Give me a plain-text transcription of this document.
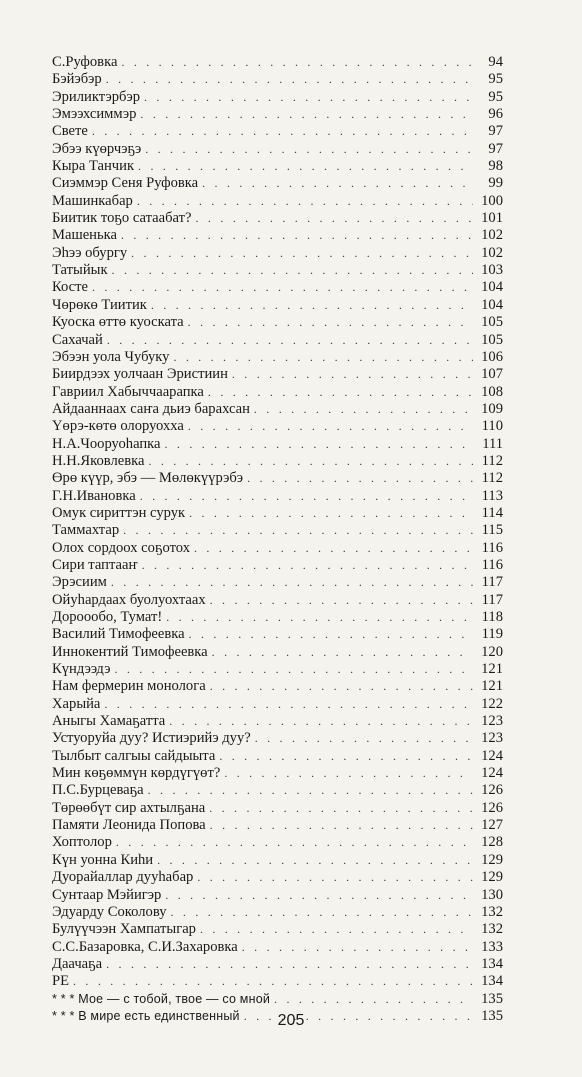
С.Руфовка . . .	94
Бэйэбэр . . .	95
Эриликтэрбэр . . .	95
Эмээхсиммэр . . .	96
Свете . . .	97
Эбээ күөрчэҕэ . . .	97
Кыра Танчик . . .	98
Сиэммэр Сеня Руфовка . . .	99
Машинкабар . . .	100
Биитик тоҕо сатаабат? . . .	101
Машенька . . .	102
Эһээ обургу . . .	102
Татыйык . . .	103
Косте . . .	104
Чөрөкө Тиитик . . .	104
Куоска өттө куоската . . .	105
Сахачай . . .	105
Эбээн уола Чубуку . . .	106
Биирдээх уолчаан Эристиин . . .	107
Гавриил Хабыччаарапка . . .	108
Айдааннаах саҥа дьиэ барахсан . . .	109
Үөрэ-көтө олоруохха . . .	110
Н.А.Чооруоһапка . . .	111
Н.Н.Яковлевка . . .	112
Өрө күүр, эбэ — Мөлөкүүрэбэ . . .	112
Г.Н.Ивановка . . .	113
Омук сириттэн сурук . . .	114
Таммахтар . . .	115
Олох сордоох соҕотох . . .	116
Сири таптааҥ . . .	116
Эрэсиим . . .	117
Ойуһардаах буолуохтаах . . .	117
Дороообо, Тумат! . . .	118
Василий Тимофеевка . . .	119
Иннокентий Тимофеевка . . .	120
Күндээдэ . . .	121
Нам фермерин монолога . . .	121
Харыйа . . .	122
Аныгы Хамаҕатта . . .	123
Устуоруйа дуу? Истиэрийэ дуу? . . .	123
Тылбыт салгыы сайдыыта . . .	124
Мин көҕөммүн көрдүгүөт? . . .	124
П.С.Бурцеваҕа . . .	126
Төрөөбүт сир ахтылҕана . . .	126
Памяти Леонида Попова . . .	127
Хоптолор . . .	128
Күн уонна Киһи . . .	129
Дуорайаллар дууһабар . . .	129
Сунтаар Мэйигэр . . .	130
Эдуарду Соколову . . .	132
Булүүчээн Хампатыгар . . .	132
С.С.Базаровка, С.И.Захаровка . . .	133
Даачаҕа . . .	134
РЕ . . .	134
* * * Мое — с тобой, твое — со мной . . .	135
* * * В мире есть единственный . . .	135
205
